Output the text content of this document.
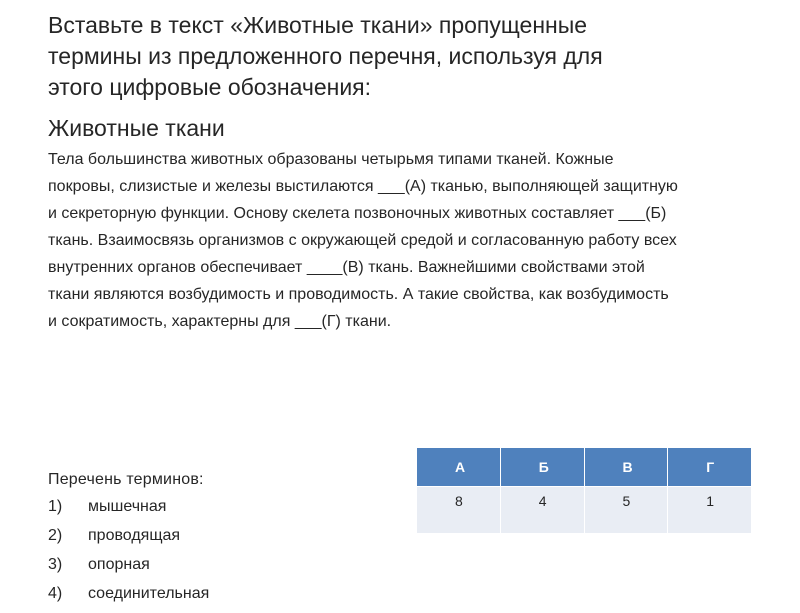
Вставьте в текст «Животные ткани» пропущенные
термины из предложенного перечня, используя для
этого цифровые обозначения:
Животные ткани

Тела большинства животных образованы четырьмя типами тканей. Кожные

покровы, слизистые и железы выстилаются ___(А) тканью, выполняющей защитную

и секреторную функции. Основу скелета позвоночных животных составляет ___(Б)

ткань. Взаимосвязь организмов с окружающей средой и согласованную работу всех

внутренних органов обеспечивает ____(В) ткань. Важнейшими свойствами этой

ткани являются возбудимость и проводимость. А такие свойства, как возбудимость

и сократимость, характерны для ___(Г) ткани.

Перечень терминов:
1)	мышечная
2)	проводящая
3)	опорная
4)	соединительная
А	Б	В	Г
8	4	5	1
